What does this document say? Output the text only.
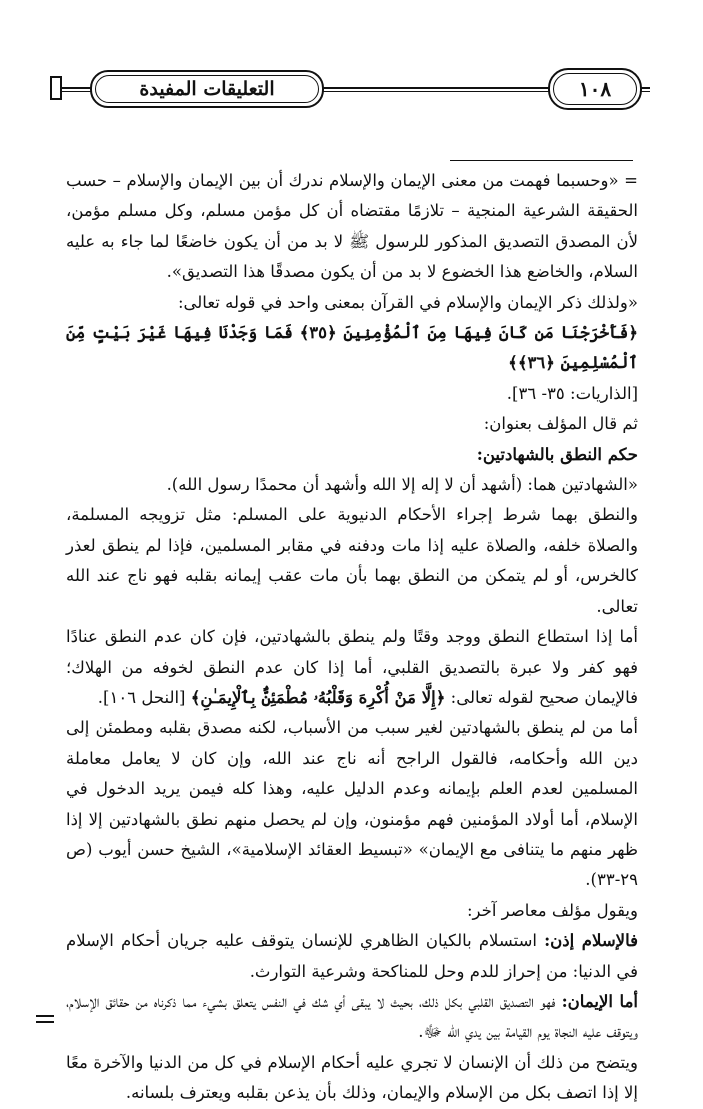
التعليقات المفيدة	١٠٨

= «وحسبما فهمت من معنى الإيمان والإسلام ندرك أن بين الإيمان والإسلام – حسب الحقيقة الشرعية المنجية – تلازمًا مقتضاه أن كل مؤمن مسلم، وكل مسلم مؤمن، لأن المصدق التصديق المذكور للرسول ﷺ لا بد من أن يكون خاضعًا لما جاء به عليه السلام، والخاضع هذا الخضوع لا بد من أن يكون مصدقًا هذا التصديق».

«ولذلك ذكر الإيمان والإسلام في القرآن بمعنى واحد في قوله تعالى:

﴿فَأَخْرَجْنَا مَن كَانَ فِيهَا مِنَ ٱلْمُؤْمِنِينَ ﴿٣٥﴾ فَمَا وَجَدْنَا فِيهَا غَيْرَ بَيْتٍ مِّنَ ٱلْمُسْلِمِينَ ﴿٣٦﴾﴾

[الذاريات: ٣٥- ٣٦].

ثم قال المؤلف بعنوان:

حكم النطق بالشهادتين:

«الشهادتين هما: (أشهد أن لا إله إلا الله وأشهد أن محمدًا رسول الله).

والنطق بهما شرط إجراء الأحكام الدنيوية على المسلم: مثل تزويجه المسلمة، والصلاة خلفه، والصلاة عليه إذا مات ودفنه في مقابر المسلمين، فإذا لم ينطق لعذر كالخرس، أو لم يتمكن من النطق بهما بأن مات عقب إيمانه بقلبه فهو ناج عند الله تعالى.

أما إذا استطاع النطق ووجد وقتًا ولم ينطق بالشهادتين، فإن كان عدم النطق عنادًا فهو كفر ولا عبرة بالتصديق القلبي، أما إذا كان عدم النطق لخوفه من الهلاك؛ فالإيمان صحيح لقوله تعالى: ﴿إِلَّا مَنْ أُكْرِهَ وَقَلْبُهُۥ مُطْمَئِنٌّۢ بِٱلْإِيمَـٰنِ﴾ [النحل ١٠٦].

أما من لم ينطق بالشهادتين لغير سبب من الأسباب، لكنه مصدق بقلبه ومطمئن إلى دين الله وأحكامه، فالقول الراجح أنه ناج عند الله، وإن كان لا يعامل معاملة المسلمين لعدم العلم بإيمانه وعدم الدليل عليه، وهذا كله فيمن يريد الدخول في الإسلام، أما أولاد المؤمنين فهم مؤمنون، وإن لم يحصل منهم نطق بالشهادتين إلا إذا ظهر منهم ما يتنافى مع الإيمان» «تبسيط العقائد الإسلامية»، الشيخ حسن أيوب (ص ٢٩-٣٣).

ويقول مؤلف معاصر آخر:

فالإسلام إذن: استسلام بالكيان الظاهري للإنسان يتوقف عليه جريان أحكام الإسلام في الدنيا: من إحراز للدم وحل للمناكحة وشرعية التوارث.

أما الإيمان: فهو التصديق القلبي بكل ذلك، بحيث لا يبقى أي شك في النفس يتعلق بشيء مما ذكرناه من حقائق الإسلام، ويتوقف عليه النجاة يوم القيامة بين يدي الله ﷻ.

ويتضح من ذلك أن الإنسان لا تجري عليه أحكام الإسلام في كل من الدنيا والآخرة معًا إلا إذا اتصف بكل من الإسلام والإيمان، وذلك بأن يذعن بقلبه ويعترف بلسانه.
